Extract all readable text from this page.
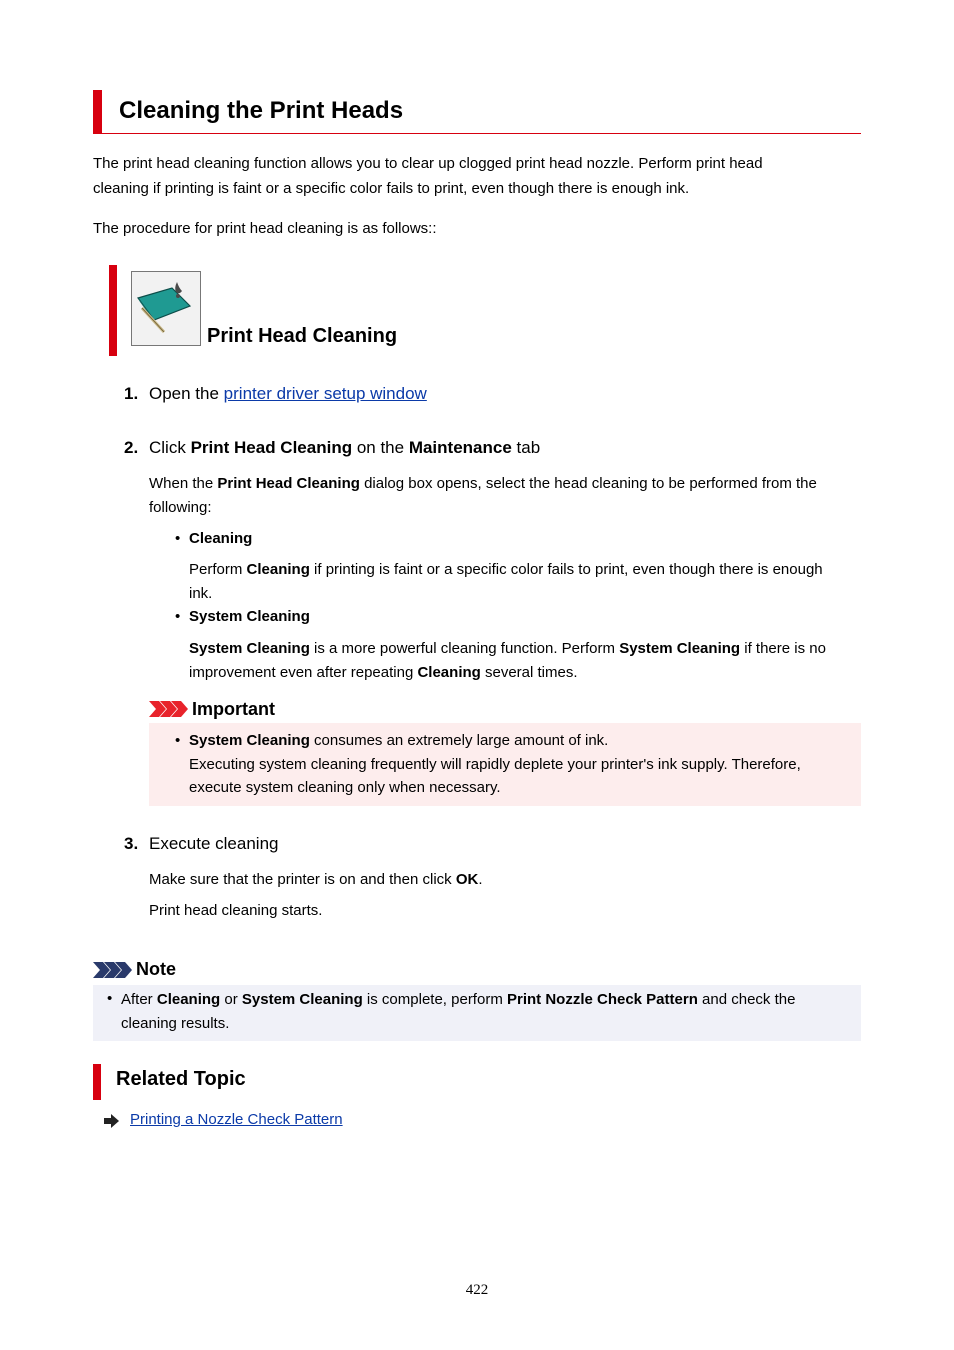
Cleaning the Print Heads
The print head cleaning function allows you to clear up clogged print head nozzle. Perform print head
cleaning if printing is faint or a specific color fails to print, even though there is enough ink.
The procedure for print head cleaning is as follows::
Print Head Cleaning
1. Open the printer driver setup window
2. Click Print Head Cleaning on the Maintenance tab
When the Print Head Cleaning dialog box opens, select the head cleaning to be performed from the
following:
• Cleaning
Perform Cleaning if printing is faint or a specific color fails to print, even though there is enough
ink.
• System Cleaning
System Cleaning is a more powerful cleaning function. Perform System Cleaning if there is no
improvement even after repeating Cleaning several times.
Important
• System Cleaning consumes an extremely large amount of ink.
Executing system cleaning frequently will rapidly deplete your printer's ink supply. Therefore,
execute system cleaning only when necessary.
3. Execute cleaning
Make sure that the printer is on and then click OK.
Print head cleaning starts.
Note
• After Cleaning or System Cleaning is complete, perform Print Nozzle Check Pattern and check the
cleaning results.
Related Topic
Printing a Nozzle Check Pattern
422
